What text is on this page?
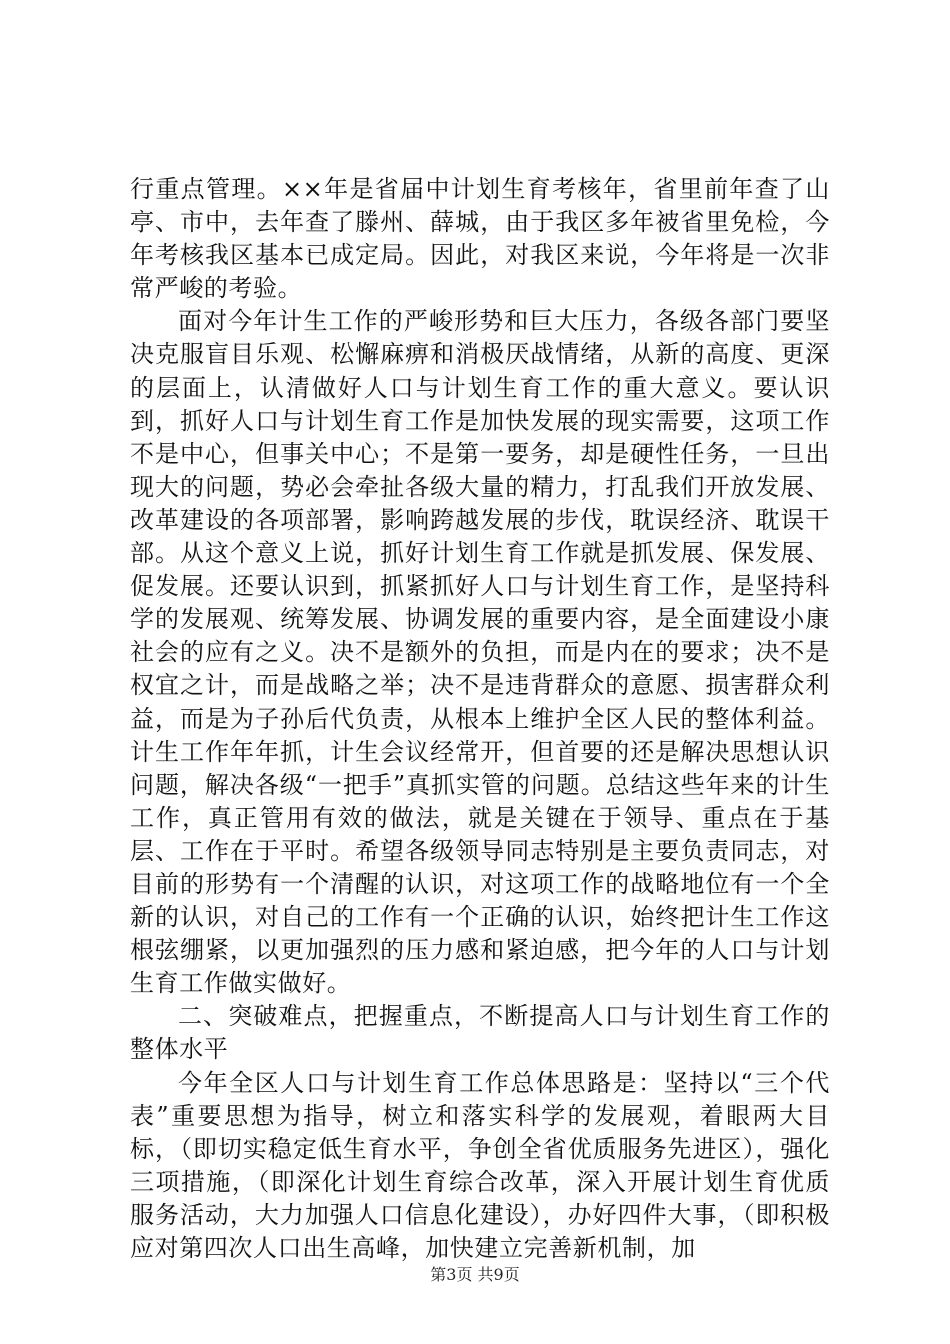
行重点管理。××年是省届中计划生育考核年，省里前年查了山亭、市中，去年查了滕州、薛城，由于我区多年被省里免检，今年考核我区基本已成定局。因此，对我区来说，今年将是一次非常严峻的考验。

面对今年计生工作的严峻形势和巨大压力，各级各部门要坚决克服盲目乐观、松懈麻痹和消极厌战情绪，从新的高度、更深的层面上，认清做好人口与计划生育工作的重大意义。要认识到，抓好人口与计划生育工作是加快发展的现实需要，这项工作不是中心，但事关中心；不是第一要务，却是硬性任务，一旦出现大的问题，势必会牵扯各级大量的精力，打乱我们开放发展、改革建设的各项部署，影响跨越发展的步伐，耽误经济、耽误干部。从这个意义上说，抓好计划生育工作就是抓发展、保发展、促发展。还要认识到，抓紧抓好人口与计划生育工作，是坚持科学的发展观、统筹发展、协调发展的重要内容，是全面建设小康社会的应有之义。决不是额外的负担，而是内在的要求；决不是权宜之计，而是战略之举；决不是违背群众的意愿、损害群众利益，而是为子孙后代负责，从根本上维护全区人民的整体利益。计生工作年年抓，计生会议经常开，但首要的还是解决思想认识问题，解决各级“一把手”真抓实管的问题。总结这些年来的计生工作，真正管用有效的做法，就是关键在于领导、重点在于基层、工作在于平时。希望各级领导同志特别是主要负责同志，对目前的形势有一个清醒的认识，对这项工作的战略地位有一个全新的认识，对自己的工作有一个正确的认识，始终把计生工作这根弦绷紧，以更加强烈的压力感和紧迫感，把今年的人口与计划生育工作做实做好。

二、突破难点，把握重点，不断提高人口与计划生育工作的整体水平

今年全区人口与计划生育工作总体思路是：坚持以“三个代表”重要思想为指导，树立和落实科学的发展观，着眼两大目标，（即切实稳定低生育水平，争创全省优质服务先进区），强化三项措施，（即深化计划生育综合改革，深入开展计划生育优质服务活动，大力加强人口信息化建设），办好四件大事，（即积极应对第四次人口出生高峰，加快建立完善新机制，加

第3页 共9页
